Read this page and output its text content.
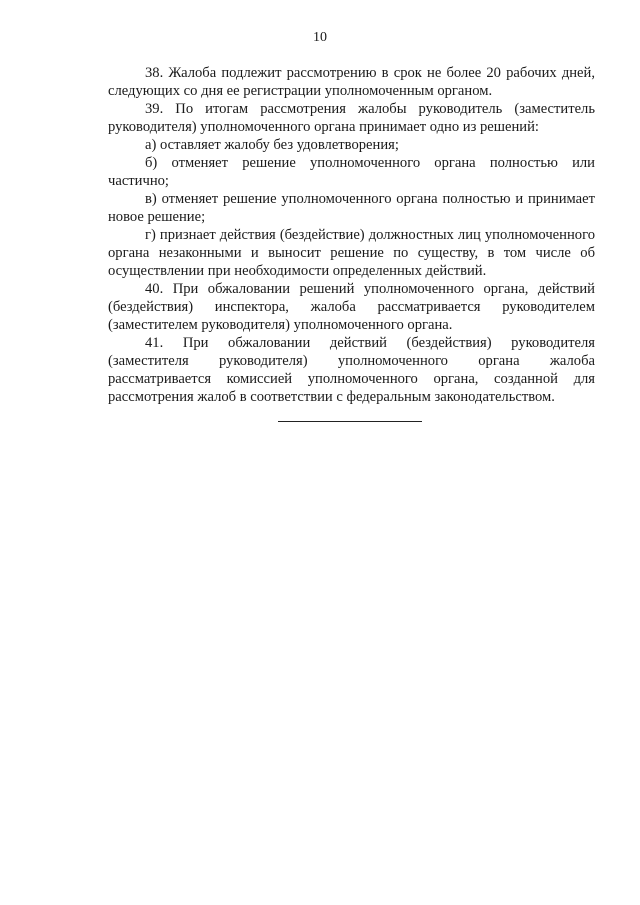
10

38. Жалоба подлежит рассмотрению в срок не более 20 рабочих дней, следующих со дня ее регистрации уполномоченным органом.

39. По итогам рассмотрения жалобы руководитель (заместитель руководителя) уполномоченного органа принимает одно из решений:

а) оставляет жалобу без удовлетворения;

б) отменяет решение уполномоченного органа полностью или частично;

в) отменяет решение уполномоченного органа полностью и принимает новое решение;

г) признает действия (бездействие) должностных лиц уполномоченного органа незаконными и выносит решение по существу, в том числе об осуществлении при необходимости определенных действий.

40. При обжаловании решений уполномоченного органа, действий (бездействия) инспектора, жалоба рассматривается руководителем (заместителем руководителя) уполномоченного органа.

41. При обжаловании действий (бездействия) руководителя (заместителя руководителя) уполномоченного органа жалоба рассматривается комиссией уполномоченного органа, созданной для рассмотрения жалоб в соответствии с федеральным законодательством.
